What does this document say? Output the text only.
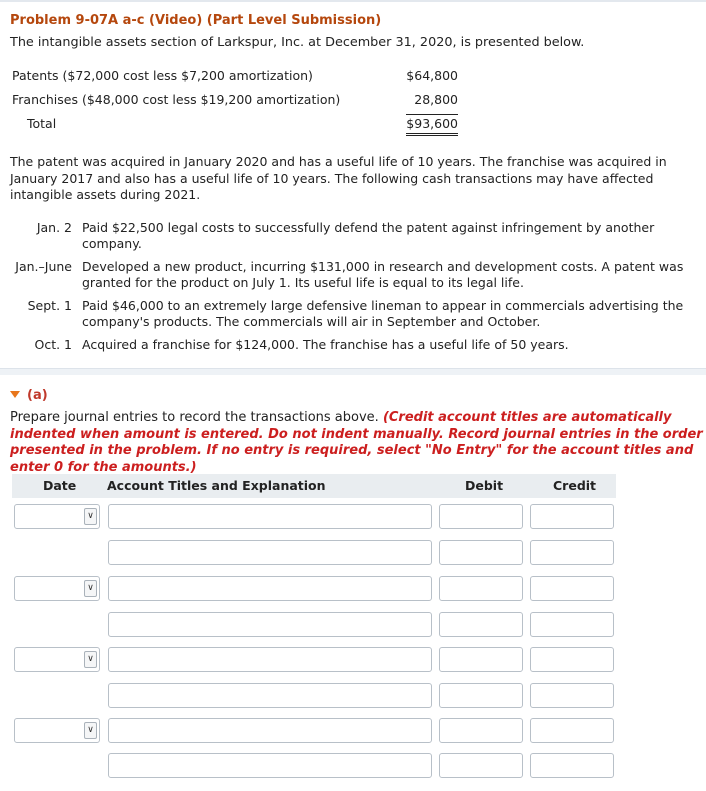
Problem 9-07A a-c (Video) (Part Level Submission)
The intangible assets section of Larkspur, Inc. at December 31, 2020, is presented below.
Patents ($72,000 cost less $7,200 amortization)	$64,800
Franchises ($48,000 cost less $19,200 amortization)	28,800
Total	$93,600
The patent was acquired in January 2020 and has a useful life of 10 years. The franchise was acquired in January 2017 and also has a useful life of 10 years. The following cash transactions may have affected intangible assets during 2021.
Jan. 2 Paid $22,500 legal costs to successfully defend the patent against infringement by another company.
Jan.–June Developed a new product, incurring $131,000 in research and development costs. A patent was granted for the product on July 1. Its useful life is equal to its legal life.
Sept. 1 Paid $46,000 to an extremely large defensive lineman to appear in commercials advertising the company's products. The commercials will air in September and October.
Oct. 1 Acquired a franchise for $124,000. The franchise has a useful life of 50 years.
(a)
Prepare journal entries to record the transactions above. (Credit account titles are automatically indented when amount is entered. Do not indent manually. Record journal entries in the order presented in the problem. If no entry is required, select "No Entry" for the account titles and enter 0 for the amounts.)
Date Account Titles and Explanation	Debit	Credit
∨
∨
∨
∨
